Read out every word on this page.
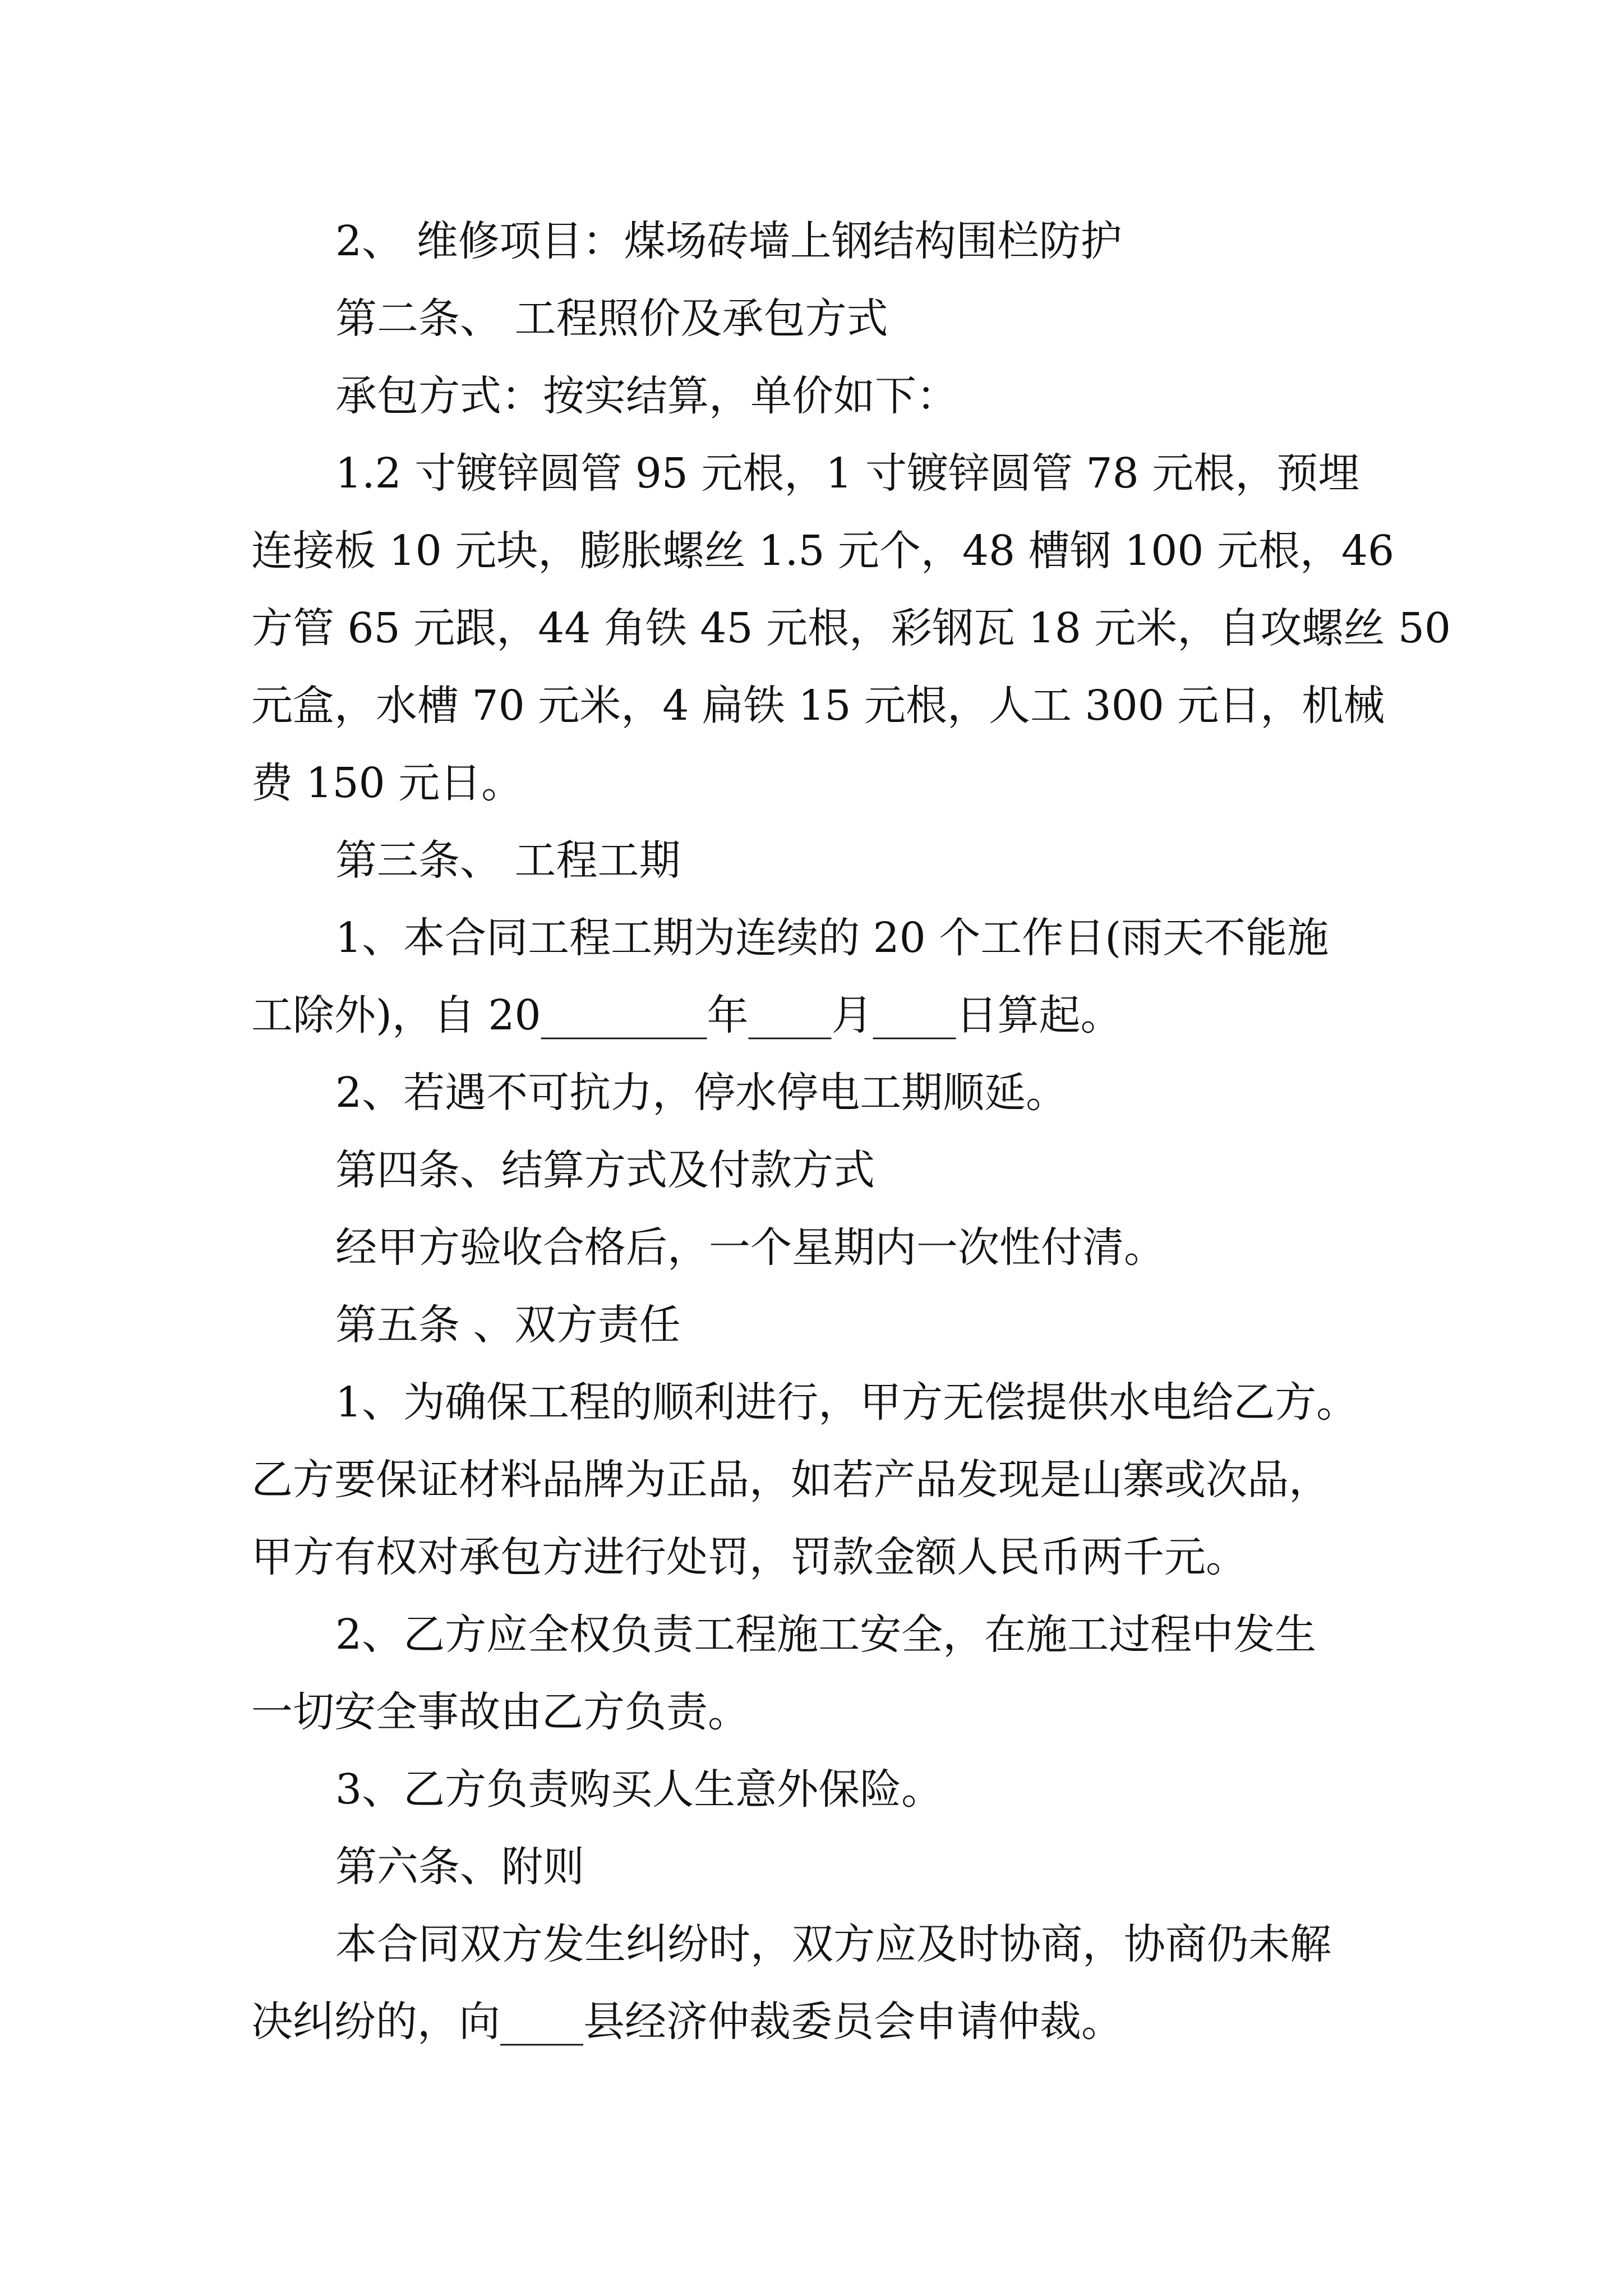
2、 维修项目：煤场砖墙上钢结构围栏防护
第二条、 工程照价及承包方式
承包方式：按实结算，单价如下：
1.2 寸镀锌圆管 95 元根，1 寸镀锌圆管 78 元根，预埋
连接板 10 元块，膨胀螺丝 1.5 元个，48 槽钢 100 元根，46
方管 65 元跟，44 角铁 45 元根，彩钢瓦 18 元米，自攻螺丝 50
元盒，水槽 70 元米，4 扁铁 15 元根，人工 300 元日，机械
费 150 元日。
第三条、 工程工期
1、本合同工程工期为连续的 20 个工作日(雨天不能施
工除外)，自 20________年____月____日算起。
2、若遇不可抗力，停水停电工期顺延。
第四条、结算方式及付款方式
经甲方验收合格后，一个星期内一次性付清。
第五条 、双方责任
1、为确保工程的顺利进行，甲方无偿提供水电给乙方。
乙方要保证材料品牌为正品，如若产品发现是山寨或次品，
甲方有权对承包方进行处罚，罚款金额人民币两千元。
2、乙方应全权负责工程施工安全，在施工过程中发生
一切安全事故由乙方负责。
3、乙方负责购买人生意外保险。
第六条、附则
本合同双方发生纠纷时，双方应及时协商，协商仍未解
决纠纷的，向____县经济仲裁委员会申请仲裁。
